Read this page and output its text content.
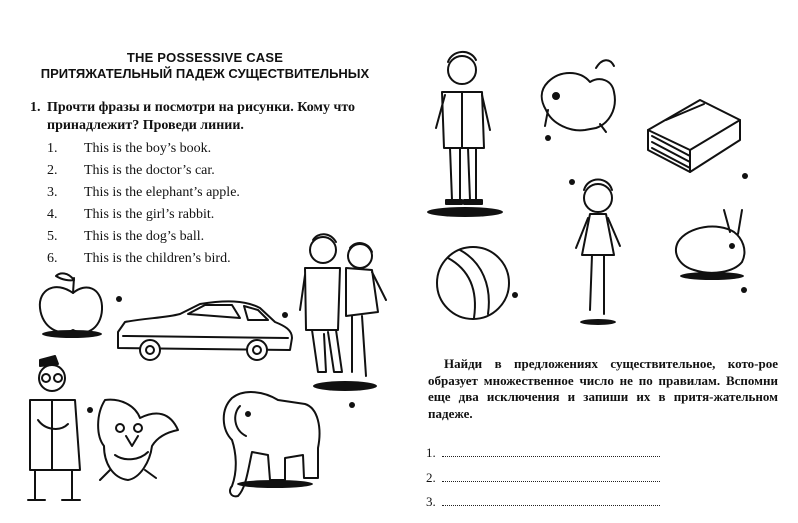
THE POSSESSIVE CASE
ПРИТЯЖАТЕЛЬНЫЙ ПАДЕЖ СУЩЕСТВИТЕЛЬНЫХ
1. Прочти фразы и посмотри на рисунки. Кому что принадлежит? Проведи линии.
1. This is the boy’s book.
2. This is the doctor’s car.
3. This is the elephant’s apple.
4. This is the girl’s rabbit.
5. This is the dog’s ball.
6. This is the children’s bird.
Найди в предложениях существительное, кото-рое образует множественное число не по правилам. Вспомни еще два исключения и запиши их в притя-жательном падеже.
1.
2.
3.
